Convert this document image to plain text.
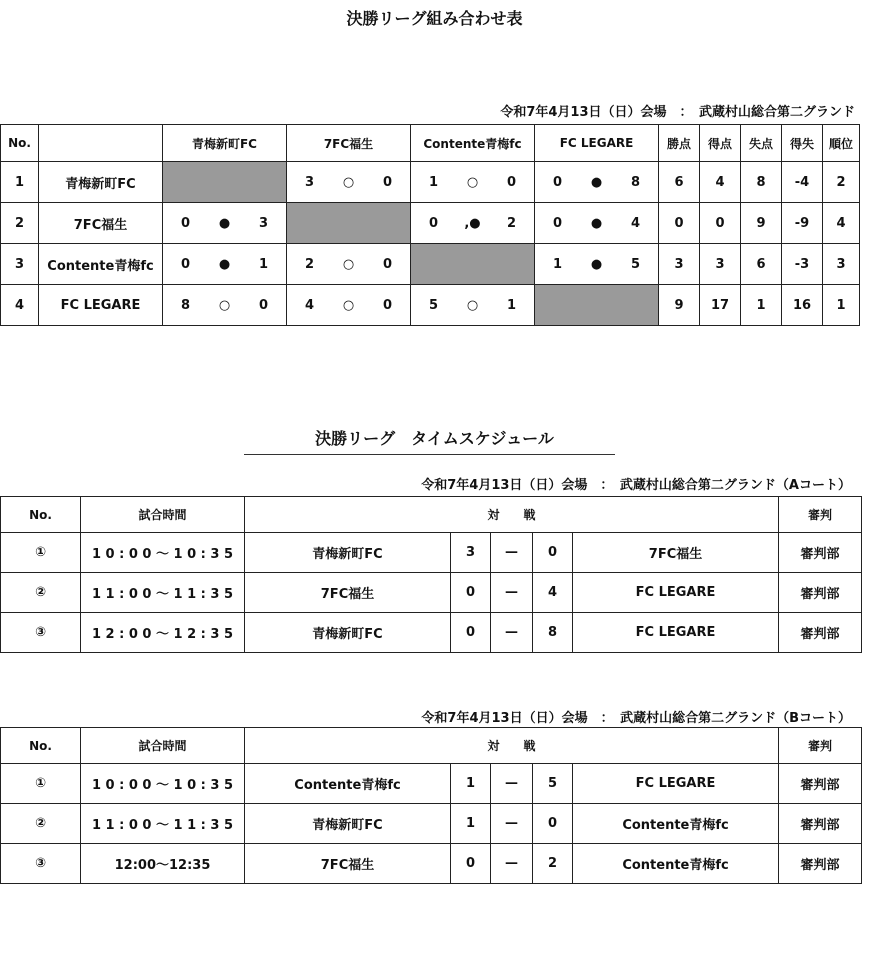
決勝リーグ組み合わせ表
令和7年4月13日（日）会場　：　武蔵村山総合第二グランド
No.		青梅新町FC	7FC福生	Contente青梅fc	FC LEGARE	勝点	得点	失点	得失	順位
1	青梅新町FC		3 ○ 0	1 ○ 0	0 ● 8	6	4	8	-4	2
2	7FC福生	0 ● 3		0 ,● 2	0 ● 4	0	0	9	-9	4
3	Contente青梅fc	0 ● 1	2 ○ 0		1 ● 5	3	3	6	-3	3
4	FC LEGARE	8 ○ 0	4 ○ 0	5 ○ 1		9	17	1	16	1
決勝リーグ　タイムスケジュール
令和7年4月13日（日）会場　：　武蔵村山総合第二グランド（Aコート）
No.	試合時間	対　　戦					審判
①	1 0 : 0 0 〜 1 0 : 3 5	青梅新町FC	3	—	0	7FC福生	審判部
②	1 1 : 0 0 〜 1 1 : 3 5	7FC福生	0	—	4	FC LEGARE	審判部
③	1 2 : 0 0 〜 1 2 : 3 5	青梅新町FC	0	—	8	FC LEGARE	審判部
令和7年4月13日（日）会場　：　武蔵村山総合第二グランド（Bコート）
No.	試合時間	対　　戦					審判
①	1 0 : 0 0 〜 1 0 : 3 5	Contente青梅fc	1	—	5	FC LEGARE	審判部
②	1 1 : 0 0 〜 1 1 : 3 5	青梅新町FC	1	—	0	Contente青梅fc	審判部
③	12:00〜12:35	7FC福生	0	—	2	Contente青梅fc	審判部
